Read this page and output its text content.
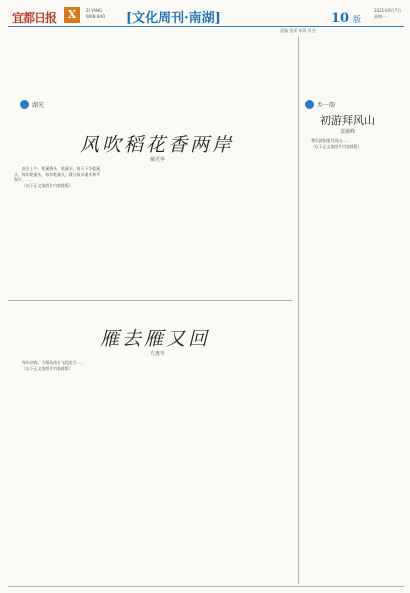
宜都日报	X	ZI YANG
WAN BAO [文化周刊·南湖]	10 版
2021年6月7日
星期一
责编 金雷 审读 叶杰
湖光
风吹稻花香两岸
戴君华

南方上午，乾溪香头，乾溪头，每天下午乾溪头，每年乾溪头，每年乾溪头，我与家乡溪头和平和平，……

（以下正文依图片内容排版）

雁去雁又回
方惠冬

每年初春，大雁从南方飞回北方……

（以下正文依图片内容排版）

乡一韵
初游拜风山
袁敏峰

我早就知道拜风山……

（以下正文依图片内容排版）
